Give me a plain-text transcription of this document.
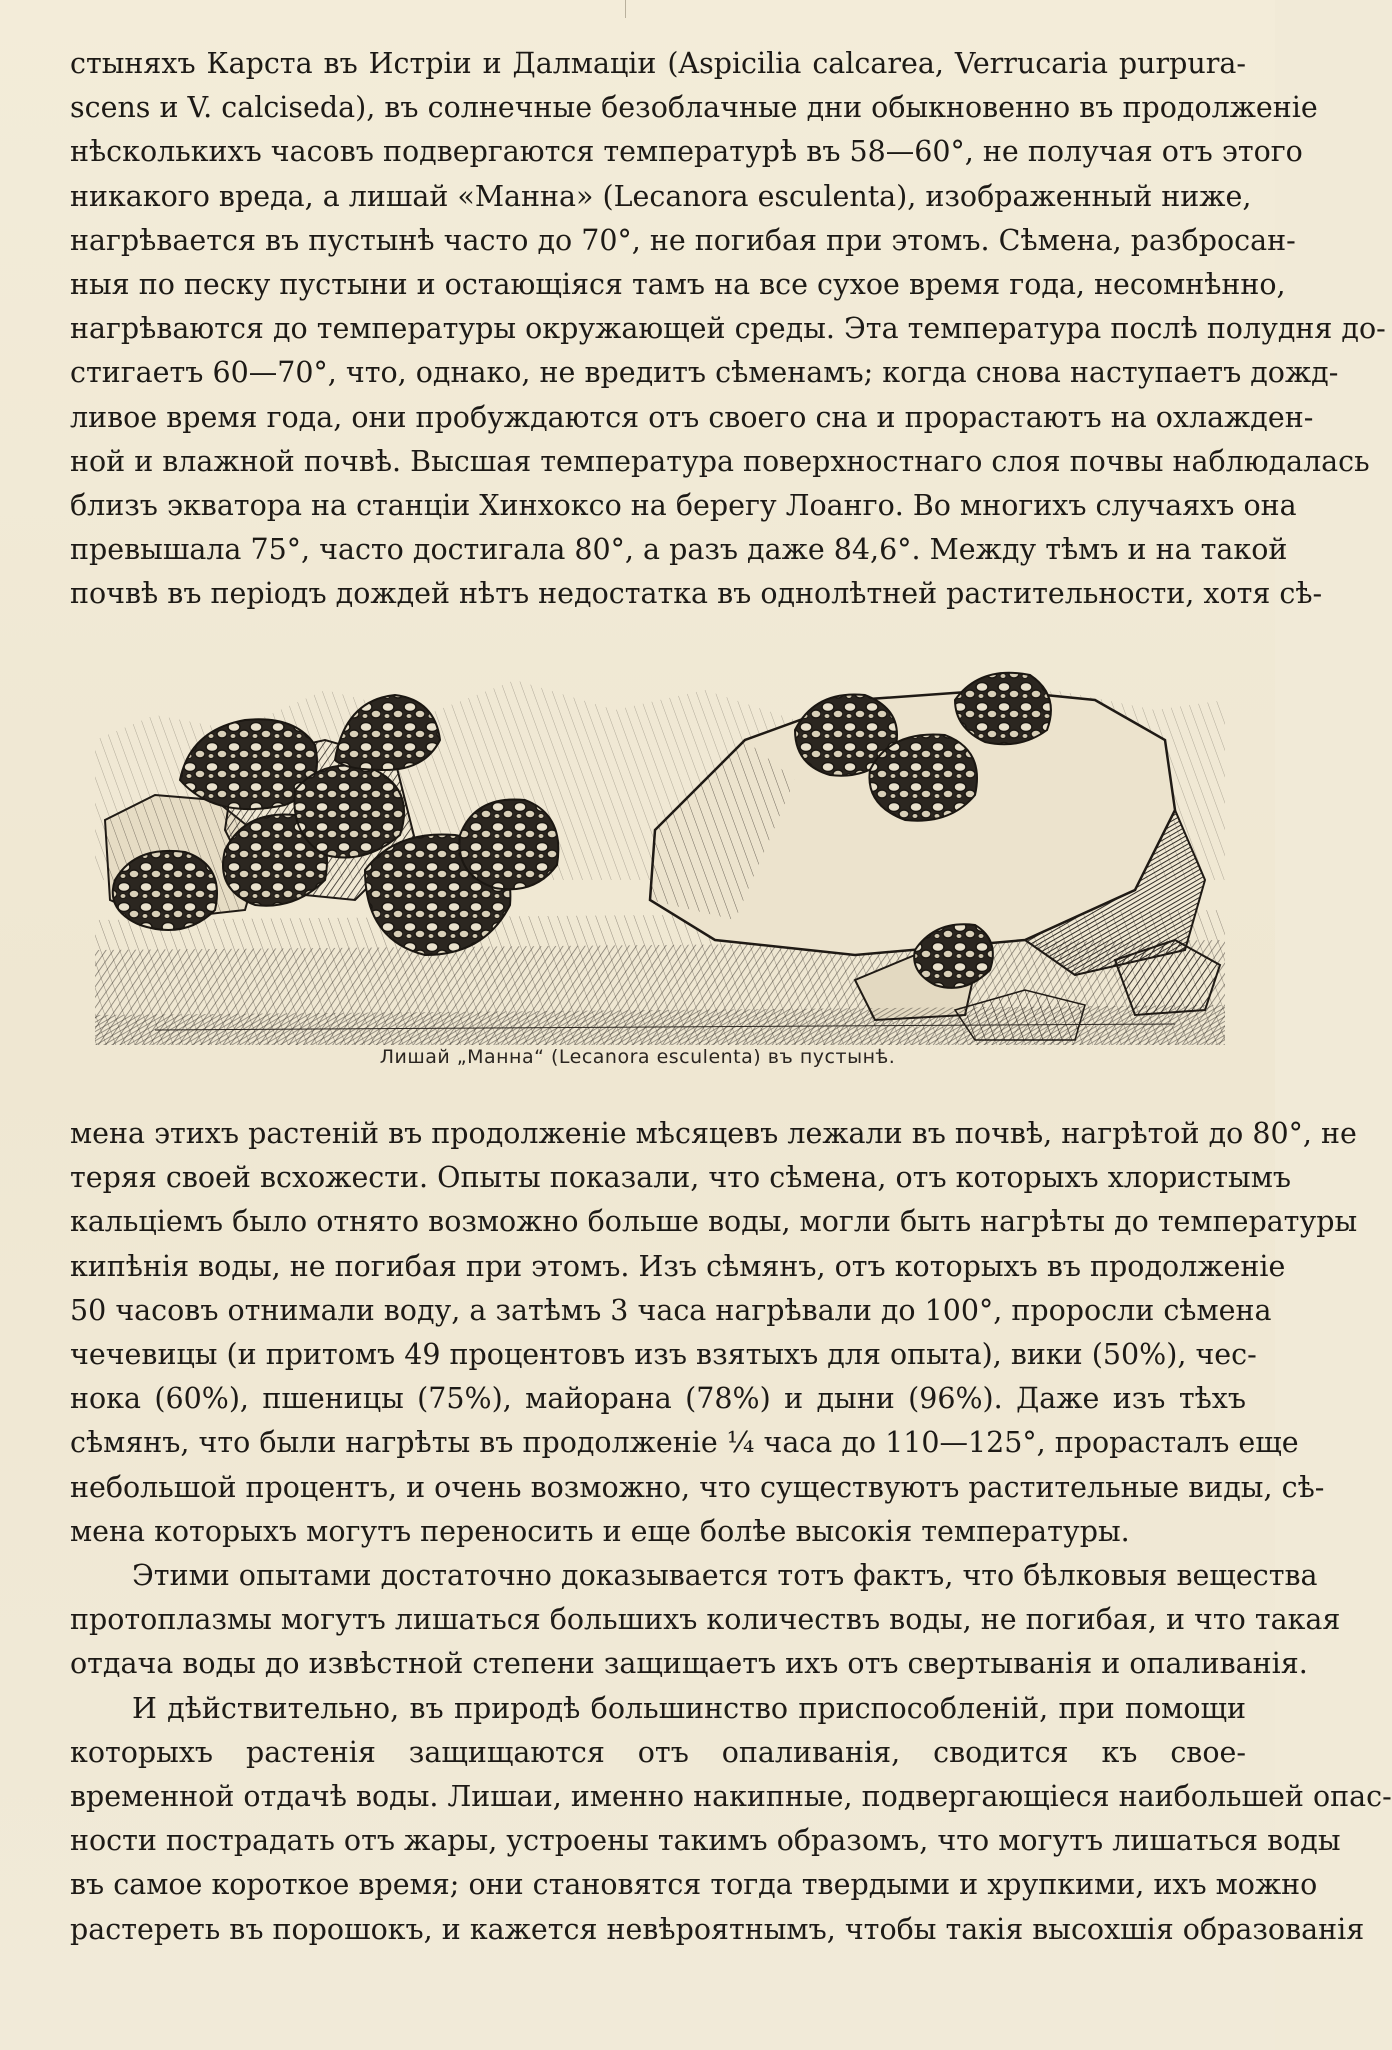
стыняхъ Карста въ Истріи и Далмаціи (Aspicilia calcarea, Verrucaria purpura-
scens и V. calciseda), въ солнечные безоблачные дни обыкновенно въ продолженіе
нѣсколькихъ часовъ подвергаются температурѣ въ 58—60°, не получая отъ этого
никакого вреда, а лишай «Манна» (Lecanora esculenta), изображенный ниже,
нагрѣвается въ пустынѣ часто до 70°, не погибая при этомъ. Сѣмена, разбросан-
ныя по песку пустыни и остающіяся тамъ на все сухое время года, несомнѣнно,
нагрѣваются до температуры окружающей среды. Эта температура послѣ полудня до-
стигаетъ 60—70°, что, однако, не вредитъ сѣменамъ; когда снова наступаетъ дожд-
ливое время года, они пробуждаются отъ своего сна и прорастаютъ на охлажден-
ной и влажной почвѣ. Высшая температура поверхностнаго слоя почвы наблюдалась
близъ экватора на станціи Хинхоксо на берегу Лоанго. Во многихъ случаяхъ она
превышала 75°, часто достигала 80°, а разъ даже 84,6°. Между тѣмъ и на такой
почвѣ въ періодъ дождей нѣтъ недостатка въ однолѣтней растительности, хотя сѣ-
Лишай „Манна“ (Lecanora esculenta) въ пустынѣ.
мена этихъ растеній въ продолженіе мѣсяцевъ лежали въ почвѣ, нагрѣтой до 80°, не
теряя своей всхожести. Опыты показали, что сѣмена, отъ которыхъ хлористымъ
кальціемъ было отнято возможно больше воды, могли быть нагрѣты до температуры
кипѣнія воды, не погибая при этомъ. Изъ сѣмянъ, отъ которыхъ въ продолженіе
50 часовъ отнимали воду, а затѣмъ 3 часа нагрѣвали до 100°, проросли сѣмена
чечевицы (и притомъ 49 процентовъ изъ взятыхъ для опыта), вики (50%), чес-
нока (60%), пшеницы (75%), майорана (78%) и дыни (96%). Даже изъ тѣхъ
сѣмянъ, что были нагрѣты въ продолженіе ¼ часа до 110—125°, прорасталъ еще
небольшой процентъ, и очень возможно, что существуютъ растительные виды, сѣ-
мена которыхъ могутъ переносить и еще болѣе высокія температуры.
Этими опытами достаточно доказывается тотъ фактъ, что бѣлковыя вещества
протоплазмы могутъ лишаться большихъ количествъ воды, не погибая, и что такая
отдача воды до извѣстной степени защищаетъ ихъ отъ свертыванія и опаливанія.
И дѣйствительно, въ природѣ большинство приспособленій, при помощи
которыхъ растенія защищаются отъ опаливанія, сводится къ свое-
временной отдачѣ воды. Лишаи, именно накипные, подвергающіеся наибольшей опас-
ности пострадать отъ жары, устроены такимъ образомъ, что могутъ лишаться воды
въ самое короткое время; они становятся тогда твердыми и хрупкими, ихъ можно
растереть въ порошокъ, и кажется невѣроятнымъ, чтобы такія высохшія образованія
